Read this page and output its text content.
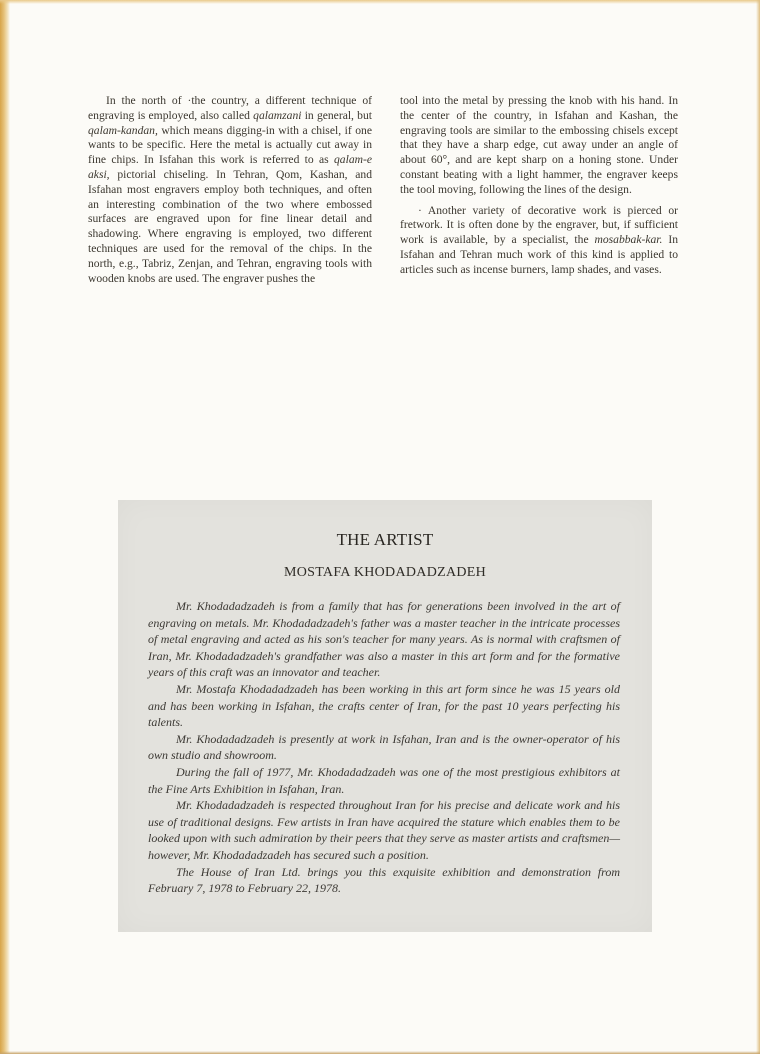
In the north of ·the country, a different technique of engraving is employed, also called qalamzani in general, but qalam-kandan, which means digging-in with a chisel, if one wants to be specific. Here the metal is actually cut away in fine chips. In Isfahan this work is referred to as qalam-e aksi, pictorial chiseling. In Tehran, Qom, Kashan, and Isfahan most engravers employ both techniques, and often an interesting combination of the two where embossed surfaces are engraved upon for fine linear detail and shadowing. Where engraving is employed, two different techniques are used for the removal of the chips. In the north, e.g., Tabriz, Zenjan, and Tehran, engraving tools with wooden knobs are used. The engraver pushes the

tool into the metal by pressing the knob with his hand. In the center of the country, in Isfahan and Kashan, the engraving tools are similar to the embossing chisels except that they have a sharp edge, cut away under an angle of about 60°, and are kept sharp on a honing stone. Under constant beating with a light hammer, the engraver keeps the tool moving, following the lines of the design.

· Another variety of decorative work is pierced or fretwork. It is often done by the engraver, but, if sufficient work is available, by a specialist, the mosabbak-kar. In Isfahan and Tehran much work of this kind is applied to articles such as incense burners, lamp shades, and vases.

THE ARTIST
MOSTAFA KHODADADZADEH

Mr. Khodadadzadeh is from a family that has for generations been involved in the art of engraving on metals. Mr. Khodadadzadeh's father was a master teacher in the intricate processes of metal engraving and acted as his son's teacher for many years. As is normal with craftsmen of Iran, Mr. Khodadadzadeh's grandfather was also a master in this art form and for the formative years of this craft was an innovator and teacher.

Mr. Mostafa Khodadadzadeh has been working in this art form since he was 15 years old and has been working in Isfahan, the crafts center of Iran, for the past 10 years perfecting his talents.

Mr. Khodadadzadeh is presently at work in Isfahan, Iran and is the owner-operator of his own studio and showroom.

During the fall of 1977, Mr. Khodadadzadeh was one of the most prestigious exhibitors at the Fine Arts Exhibition in Isfahan, Iran.

Mr. Khodadadzadeh is respected throughout Iran for his precise and delicate work and his use of traditional designs. Few artists in Iran have acquired the stature which enables them to be looked upon with such admiration by their peers that they serve as master artists and craftsmen—however, Mr. Khodadadzadeh has secured such a position.

The House of Iran Ltd. brings you this exquisite exhibition and demonstration from February 7, 1978 to February 22, 1978.
